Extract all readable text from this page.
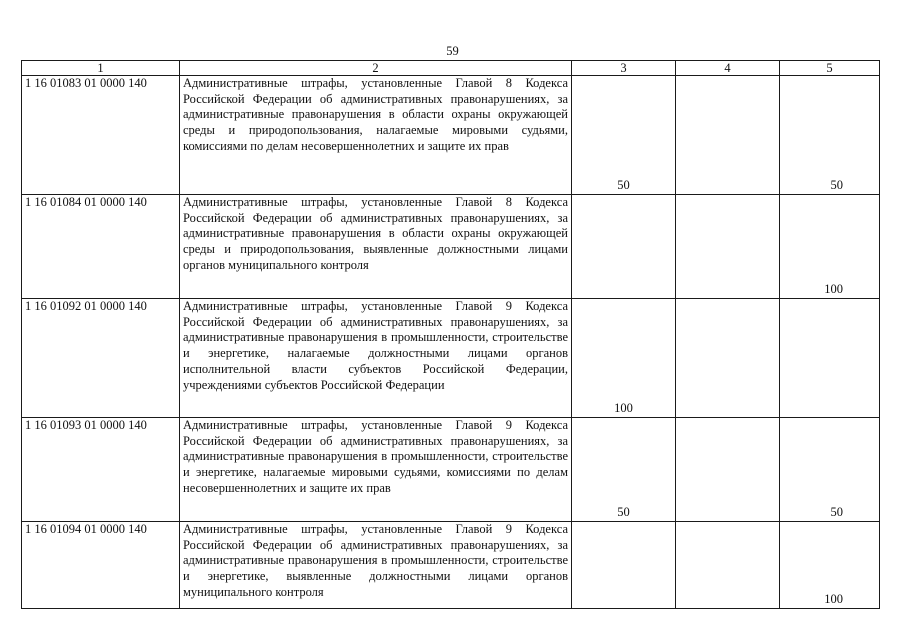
59
1	2	3	4	5
1 16 01083 01 0000 140	Административные штрафы, установленные Главой 8 Кодекса Российской Федерации об административных правонарушениях, за административные правонарушения в области охраны окружающей среды и природопользования, налагаемые мировыми судьями, комиссиями по делам несовершеннолетних и защите их прав	50		50
1 16 01084 01 0000 140	Административные штрафы, установленные Главой 8 Кодекса Российской Федерации об административных правонарушениях, за административные правонарушения в области охраны окружающей среды и природопользования, выявленные должностными лицами органов муниципального контроля			100
1 16 01092 01 0000 140	Административные штрафы, установленные Главой 9 Кодекса Российской Федерации об административных правонарушениях, за административные правонарушения в промышленности, строительстве и энергетике, налагаемые должностными лицами органов исполнительной власти субъектов Российской Федерации, учреждениями субъектов Российской Федерации	100		
1 16 01093 01 0000 140	Административные штрафы, установленные Главой 9 Кодекса Российской Федерации об административных правонарушениях, за административные правонарушения в промышленности, строительстве и энергетике, налагаемые мировыми судьями, комиссиями по делам несовершеннолетних и защите их прав	50		50
1 16 01094 01 0000 140	Административные штрафы, установленные Главой 9 Кодекса Российской Федерации об административных правонарушениях, за административные правонарушения в промышленности, строительстве и энергетике, выявленные должностными лицами органов муниципального контроля			100
